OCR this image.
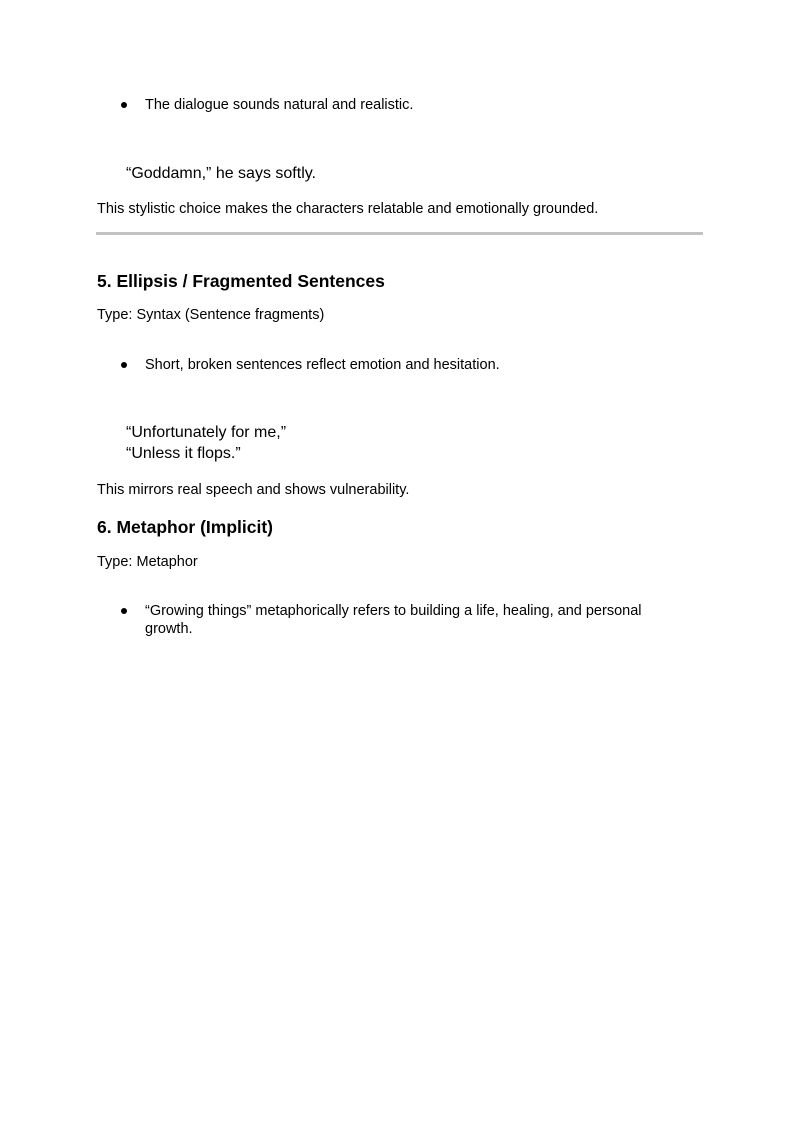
The dialogue sounds natural and realistic.
“Goddamn,” he says softly.
This stylistic choice makes the characters relatable and emotionally grounded.
5. Ellipsis / Fragmented Sentences
Type: Syntax (Sentence fragments)
Short, broken sentences reflect emotion and hesitation.
“Unfortunately for me,”
“Unless it flops.”
This mirrors real speech and shows vulnerability.
6. Metaphor (Implicit)
Type: Metaphor
“Growing things” metaphorically refers to building a life, healing, and personal growth.
